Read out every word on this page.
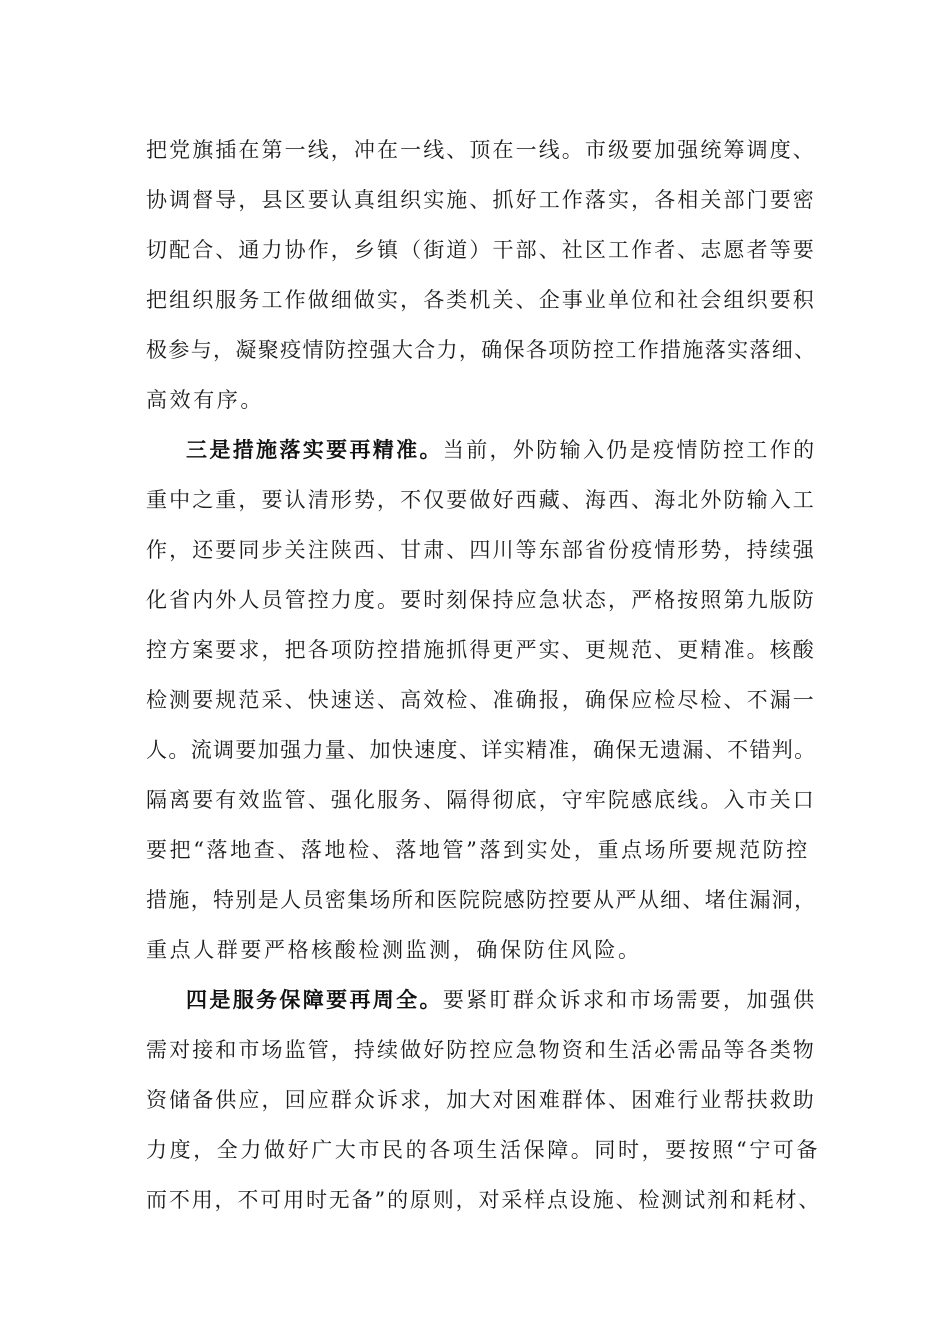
把党旗插在第一线，冲在一线、顶在一线。市级要加强统筹调度、
协调督导，县区要认真组织实施、抓好工作落实，各相关部门要密
切配合、通力协作，乡镇（街道）干部、社区工作者、志愿者等要
把组织服务工作做细做实，各类机关、企事业单位和社会组织要积
极参与，凝聚疫情防控强大合力，确保各项防控工作措施落实落细、
高效有序。
三是措施落实要再精准。当前，外防输入仍是疫情防控工作的
重中之重，要认清形势，不仅要做好西藏、海西、海北外防输入工
作，还要同步关注陕西、甘肃、四川等东部省份疫情形势，持续强
化省内外人员管控力度。要时刻保持应急状态，严格按照第九版防
控方案要求，把各项防控措施抓得更严实、更规范、更精准。核酸
检测要规范采、快速送、高效检、准确报，确保应检尽检、不漏一
人。流调要加强力量、加快速度、详实精准，确保无遗漏、不错判。
隔离要有效监管、强化服务、隔得彻底，守牢院感底线。入市关口
要把“落地查、落地检、落地管”落到实处，重点场所要规范防控
措施，特别是人员密集场所和医院院感防控要从严从细、堵住漏洞，
重点人群要严格核酸检测监测，确保防住风险。
四是服务保障要再周全。要紧盯群众诉求和市场需要，加强供
需对接和市场监管，持续做好防控应急物资和生活必需品等各类物
资储备供应，回应群众诉求，加大对困难群体、困难行业帮扶救助
力度，全力做好广大市民的各项生活保障。同时，要按照“宁可备
而不用，不可用时无备”的原则，对采样点设施、检测试剂和耗材、
